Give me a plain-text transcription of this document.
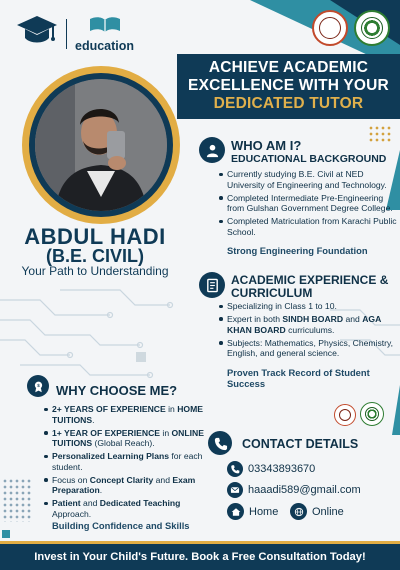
education
ACHIEVE ACADEMIC
EXCELLENCE WITH YOUR
DEDICATED TUTOR
ABDUL HADI
(B.E. CIVIL)
Your Path to Understanding
WHO AM I?
EDUCATIONAL BACKGROUND
Currently studying B.E. Civil at NED University of Engineering and Technology.
Completed Intermediate Pre-Engineering from Gulshan Government Degree College.
Completed Matriculation from Karachi Public School.
Strong Engineering Foundation
ACADEMIC EXPERIENCE &
CURRICULUM
Specializing in Class 1 to 10.
Expert in both SINDH BOARD and AGA KHAN BOARD curriculums.
Subjects: Mathematics, Physics, Chemistry, English, and general science.
Proven Track Record of Student Success
$ WHY CHOOSE ME?
2+ YEARS OF EXPERIENCE in HOME TUITIONS.
1+ YEAR OF EXPERIENCE in ONLINE TUITIONS (Global Reach).
Personalized Learning Plans for each student.
Focus on Concept Clarity and Exam Preparation.
Patient and Dedicated Teaching Approach.
Building Confidence and Skills
CONTACT DETAILS
03343893670
haaadi589@gmail.com
Home	Online
Invest in Your Child's Future. Book a Free Consultation Today!
